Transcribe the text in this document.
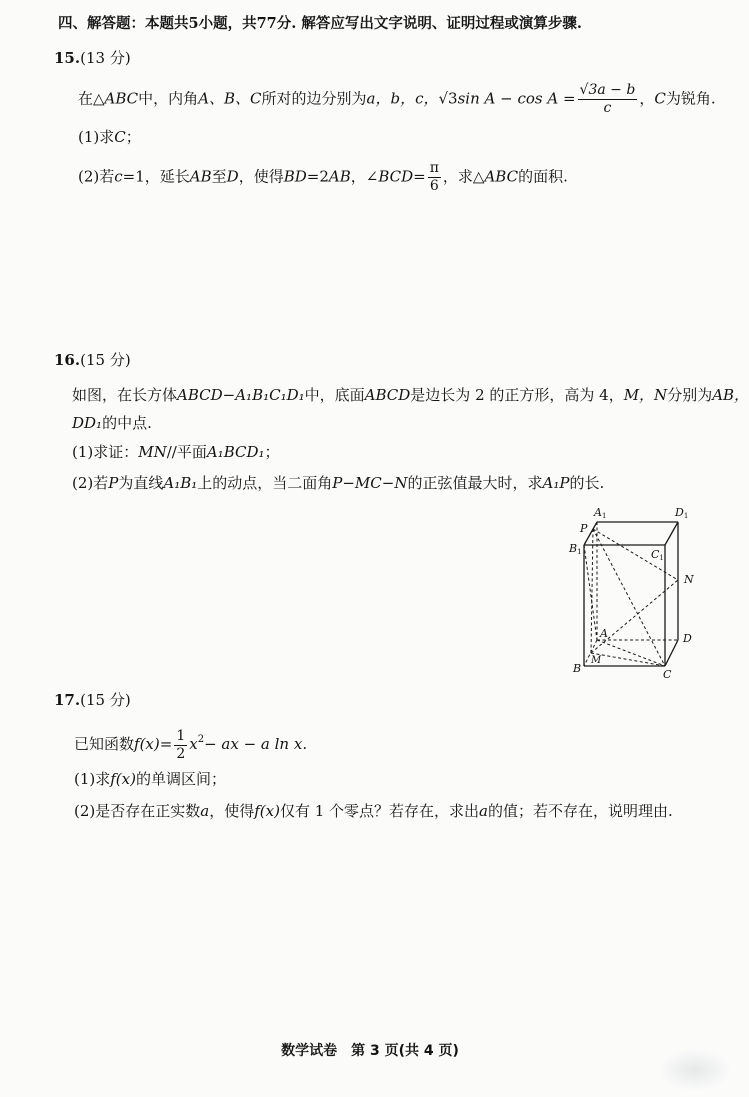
四、解答题：本题共5小题，共77分. 解答应写出文字说明、证明过程或演算步骤.
15.(13 分)
在△ABC中，内角A、B、C所对的边分别为a，b，c，√3sin $A - \cos A = \frac{√3a - b}{c}$ ，C为锐角.
(1)求C；
(2)若c=1，延长AB至D，使得BD=2AB，∠BCD= $\frac{\pi}{6}$ ，求△ABC的面积.
16.(15 分)
如图，在长方体ABCD−A₁B₁C₁D₁中，底面ABCD是边长为 2 的正方形，高为 4，M，N分别为AB，
DD₁的中点.
(1)求证：MN//平面A₁BCD₁；
(2)若P为直线A₁B₁上的动点，当二面角P−MC−N的正弦值最大时，求A₁P的长.
A1	D1
P
B1	C1
N
A	D
B
M
C
17.(15 分)
已知函数$f(x)= \frac{1}{2} x^2-$ ax − a ln x.
(1)求f(x)的单调区间；
(2)是否存在正实数a，使得f(x)仅有 1 个零点？若存在，求出a的值；若不存在，说明理由.
数学试卷　第 3 页(共 4 页)
